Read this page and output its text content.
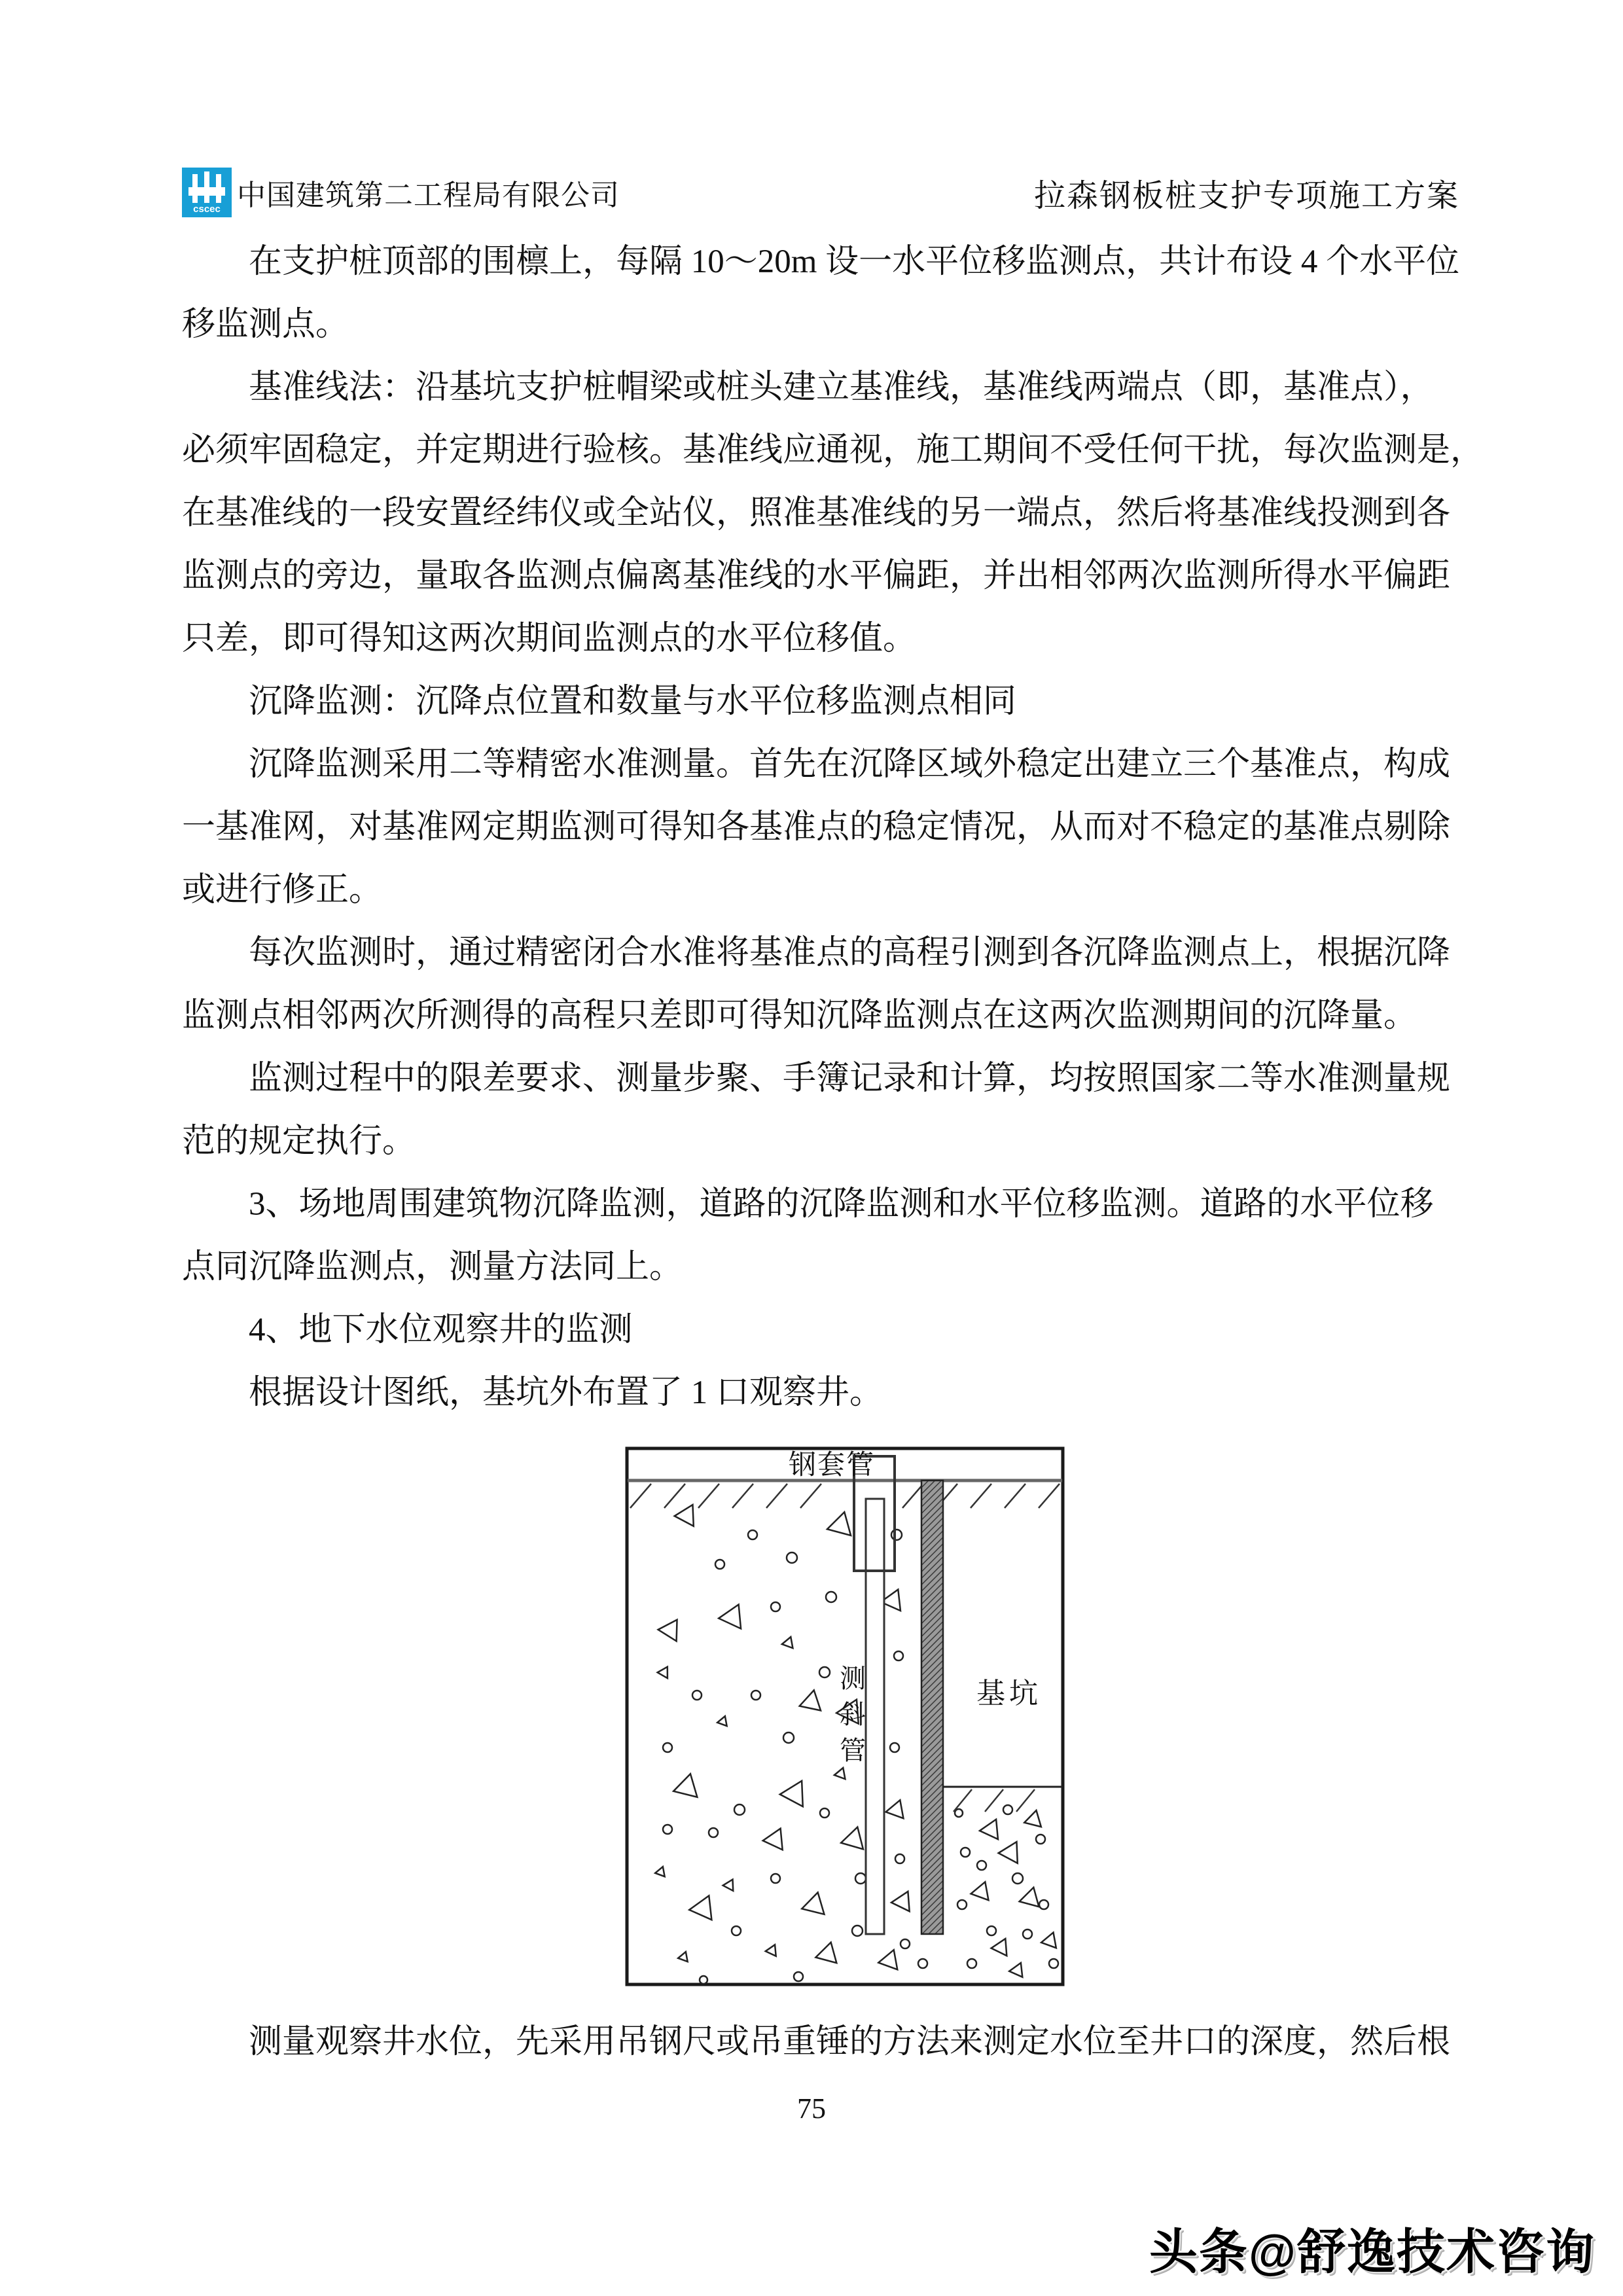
cscec 中国建筑第二工程局有限公司	拉森钢板桩支护专项施工方案
在支护桩顶部的围檩上，每隔 10～20m 设一水平位移监测点，共计布设 4 个水平位
移监测点。
基准线法：沿基坑支护桩帽梁或桩头建立基准线，基准线两端点（即，基准点），
必须牢固稳定，并定期进行验核。基准线应通视，施工期间不受任何干扰，每次监测是，
在基准线的一段安置经纬仪或全站仪，照准基准线的另一端点，然后将基准线投测到各
监测点的旁边，量取各监测点偏离基准线的水平偏距，并出相邻两次监测所得水平偏距
只差，即可得知这两次期间监测点的水平位移值。
沉降监测：沉降点位置和数量与水平位移监测点相同
沉降监测采用二等精密水准测量。首先在沉降区域外稳定出建立三个基准点，构成
一基准网，对基准网定期监测可得知各基准点的稳定情况，从而对不稳定的基准点剔除
或进行修正。
每次监测时，通过精密闭合水准将基准点的高程引测到各沉降监测点上，根据沉降
监测点相邻两次所测得的高程只差即可得知沉降监测点在这两次监测期间的沉降量。
监测过程中的限差要求、测量步聚、手簿记录和计算，均按照国家二等水准测量规
范的规定执行。
3、场地周围建筑物沉降监测，道路的沉降监测和水平位移监测。道路的水平位移
点同沉降监测点，测量方法同上。
4、地下水位观察井的监测
根据设计图纸，基坑外布置了 1 口观察井。
钢套管
测
斜
管
基坑
测量观察井水位，先采用吊钢尺或吊重锤的方法来测定水位至井口的深度，然后根
75
头条@舒逸技术咨询
